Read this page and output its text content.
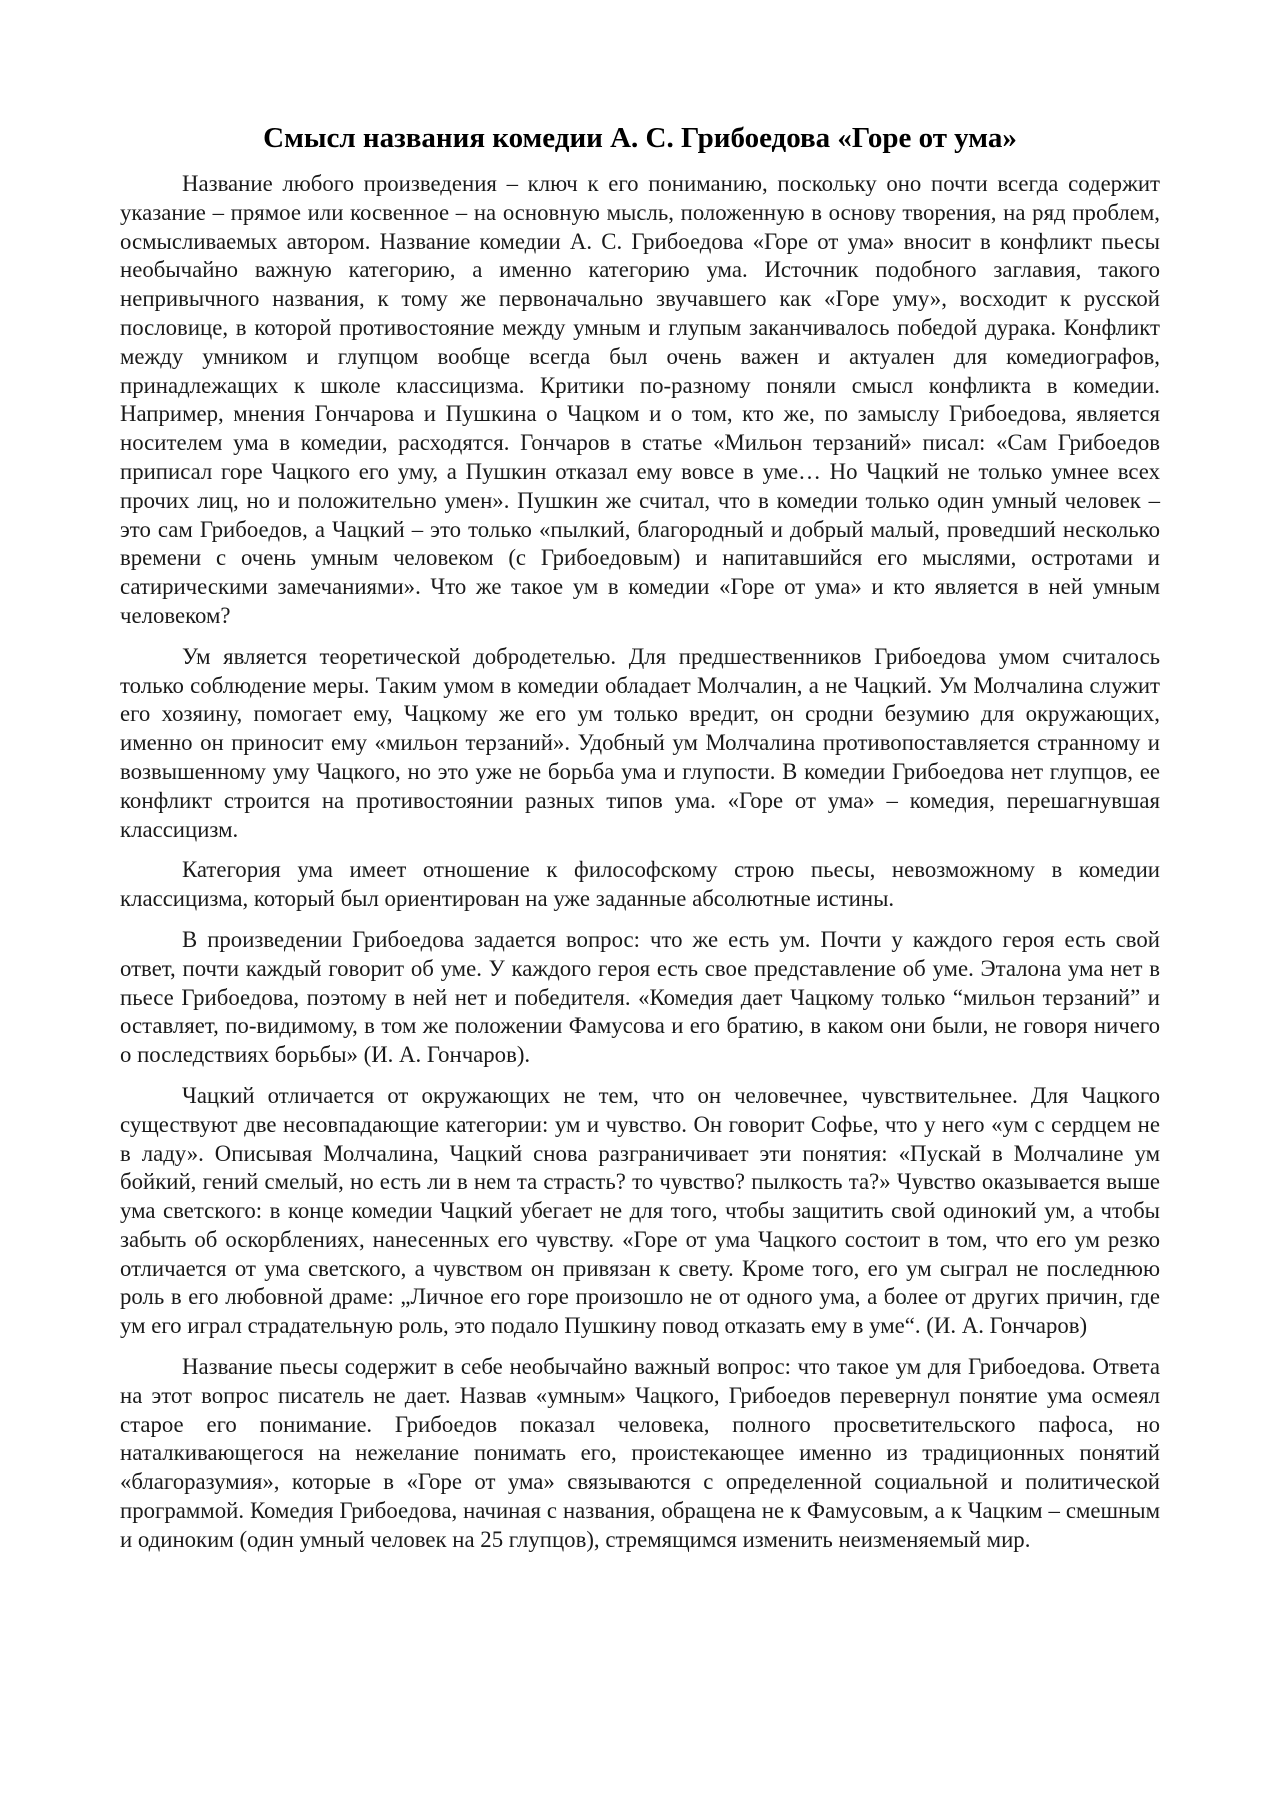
Смысл названия комедии А. С. Грибоедова «Горе от ума»

Название любого произведения – ключ к его пониманию, поскольку оно почти всегда содержит указание – прямое или косвенное – на основную мысль, положенную в основу творения, на ряд проблем, осмысливаемых автором. Название комедии А. С. Грибоедова «Горе от ума» вносит в конфликт пьесы необычайно важную категорию, а именно категорию ума. Источник подобного заглавия, такого непривычного названия, к тому же первоначально звучавшего как «Горе уму», восходит к русской пословице, в которой противостояние между умным и глупым заканчивалось победой дурака. Конфликт между умником и глупцом вообще всегда был очень важен и актуален для комедиографов, принадлежащих к школе классицизма. Критики по-разному поняли смысл конфликта в комедии. Например, мнения Гончарова и Пушкина о Чацком и о том, кто же, по замыслу Грибоедова, является носителем ума в комедии, расходятся. Гончаров в статье «Мильон терзаний» писал: «Сам Грибоедов приписал горе Чацкого его уму, а Пушкин отказал ему вовсе в уме… Но Чацкий не только умнее всех прочих лиц, но и положительно умен». Пушкин же считал, что в комедии только один умный человек – это сам Грибоедов, а Чацкий – это только «пылкий, благородный и добрый малый, проведший несколько времени с очень умным человеком (с Грибоедовым) и напитавшийся его мыслями, остротами и сатирическими замечаниями». Что же такое ум в комедии «Горе от ума» и кто является в ней умным человеком?

Ум является теоретической добродетелью. Для предшественников Грибоедова умом считалось только соблюдение меры. Таким умом в комедии обладает Молчалин, а не Чацкий. Ум Молчалина служит его хозяину, помогает ему, Чацкому же его ум только вредит, он сродни безумию для окружающих, именно он приносит ему «мильон терзаний». Удобный ум Молчалина противопоставляется странному и возвышенному уму Чацкого, но это уже не борьба ума и глупости. В комедии Грибоедова нет глупцов, ее конфликт строится на противостоянии разных типов ума. «Горе от ума» – комедия, перешагнувшая классицизм.

Категория ума имеет отношение к философскому строю пьесы, невозможному в комедии классицизма, который был ориентирован на уже заданные абсолютные истины.

В произведении Грибоедова задается вопрос: что же есть ум. Почти у каждого героя есть свой ответ, почти каждый говорит об уме. У каждого героя есть свое представление об уме. Эталона ума нет в пьесе Грибоедова, поэтому в ней нет и победителя. «Комедия дает Чацкому только “мильон терзаний” и оставляет, по-видимому, в том же положении Фамусова и его братию, в каком они были, не говоря ничего о последствиях борьбы» (И. А. Гончаров).

Чацкий отличается от окружающих не тем, что он человечнее, чувствительнее. Для Чацкого существуют две несовпадающие категории: ум и чувство. Он говорит Софье, что у него «ум с сердцем не в ладу». Описывая Молчалина, Чацкий снова разграничивает эти понятия: «Пускай в Молчалине ум бойкий, гений смелый, но есть ли в нем та страсть? то чувство? пылкость та?» Чувство оказывается выше ума светского: в конце комедии Чацкий убегает не для того, чтобы защитить свой одинокий ум, а чтобы забыть об оскорблениях, нанесенных его чувству. «Горе от ума Чацкого состоит в том, что его ум резко отличается от ума светского, а чувством он привязан к свету. Кроме того, его ум сыграл не последнюю роль в его любовной драме: „Личное его горе произошло не от одного ума, а более от других причин, где ум его играл страдательную роль, это подало Пушкину повод отказать ему в уме“. (И. А. Гончаров)

Название пьесы содержит в себе необычайно важный вопрос: что такое ум для Грибоедова. Ответа на этот вопрос писатель не дает. Назвав «умным» Чацкого, Грибоедов перевернул понятие ума осмеял старое его понимание. Грибоедов показал человека, полного просветительского пафоса, но наталкивающегося на нежелание понимать его, проистекающее именно из традиционных понятий «благоразумия», которые в «Горе от ума» связываются с определенной социальной и политической программой. Комедия Грибоедова, начиная с названия, обращена не к Фамусовым, а к Чацким – смешным и одиноким (один умный человек на 25 глупцов), стремящимся изменить неизменяемый мир.
